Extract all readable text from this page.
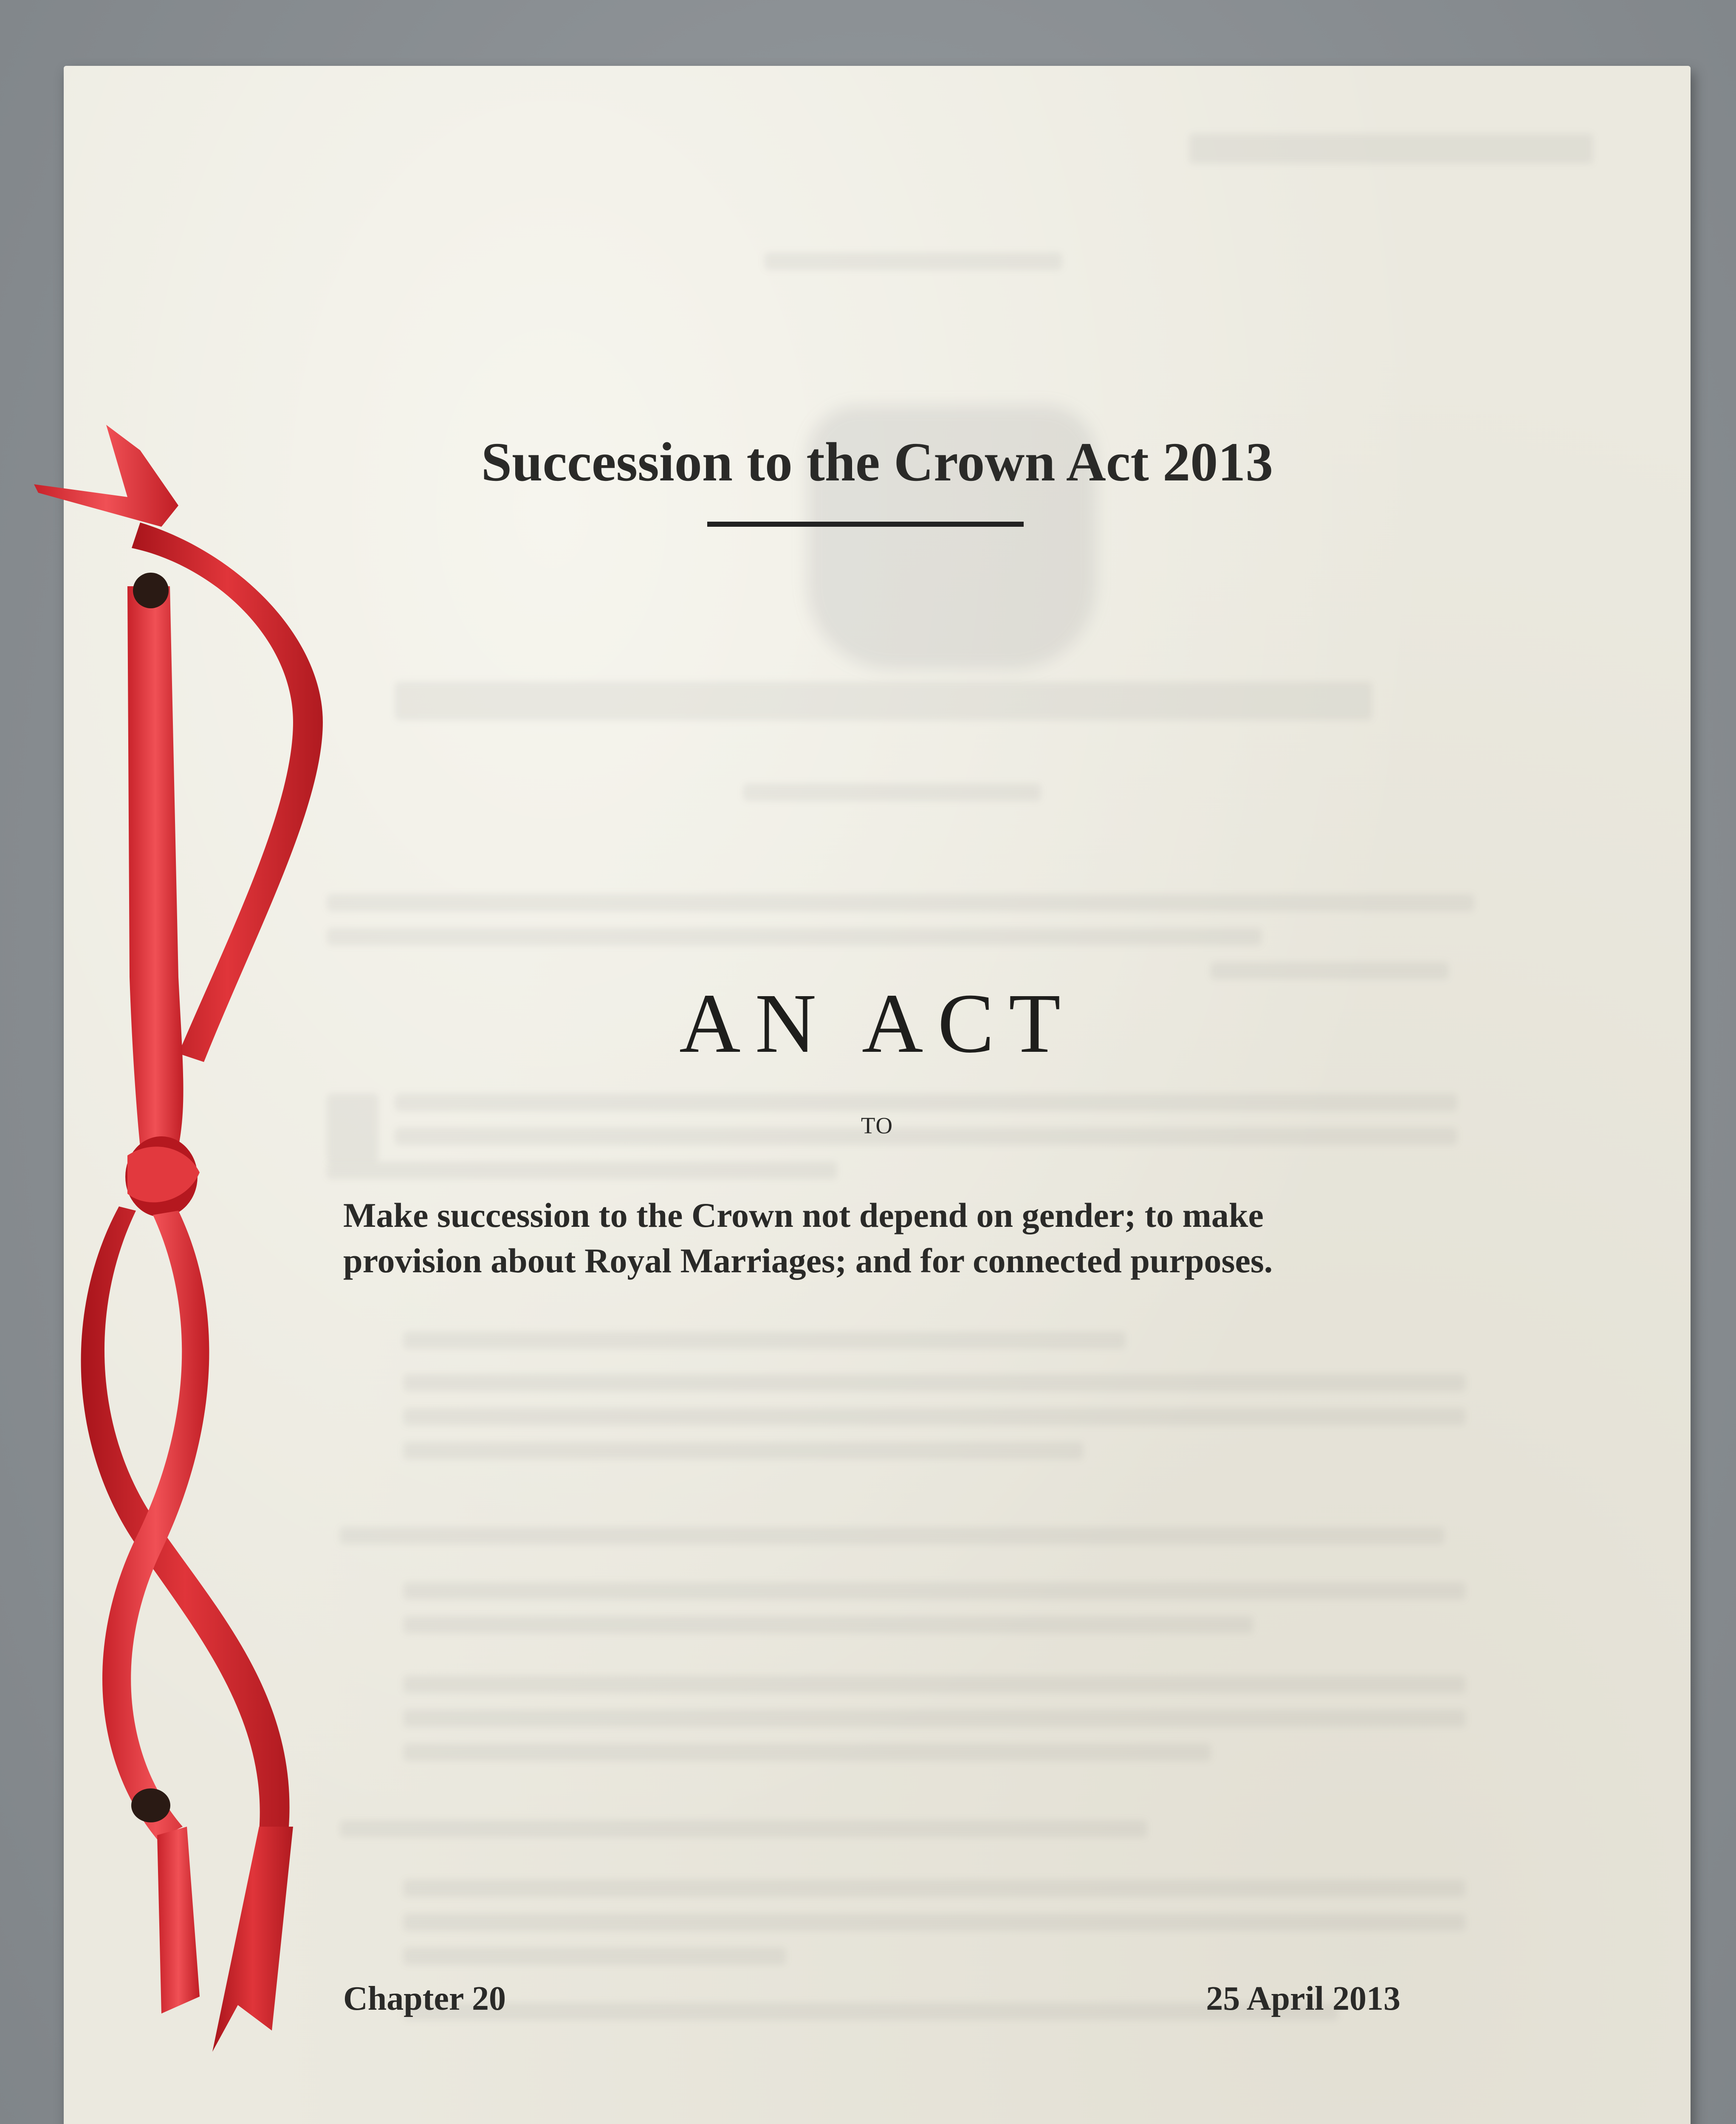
Succession to the Crown Act 2013
AN ACT
TO
Make succession to the Crown not depend on gender; to make
provision about Royal Marriages; and for connected purposes.
Chapter 20	25 April 2013
